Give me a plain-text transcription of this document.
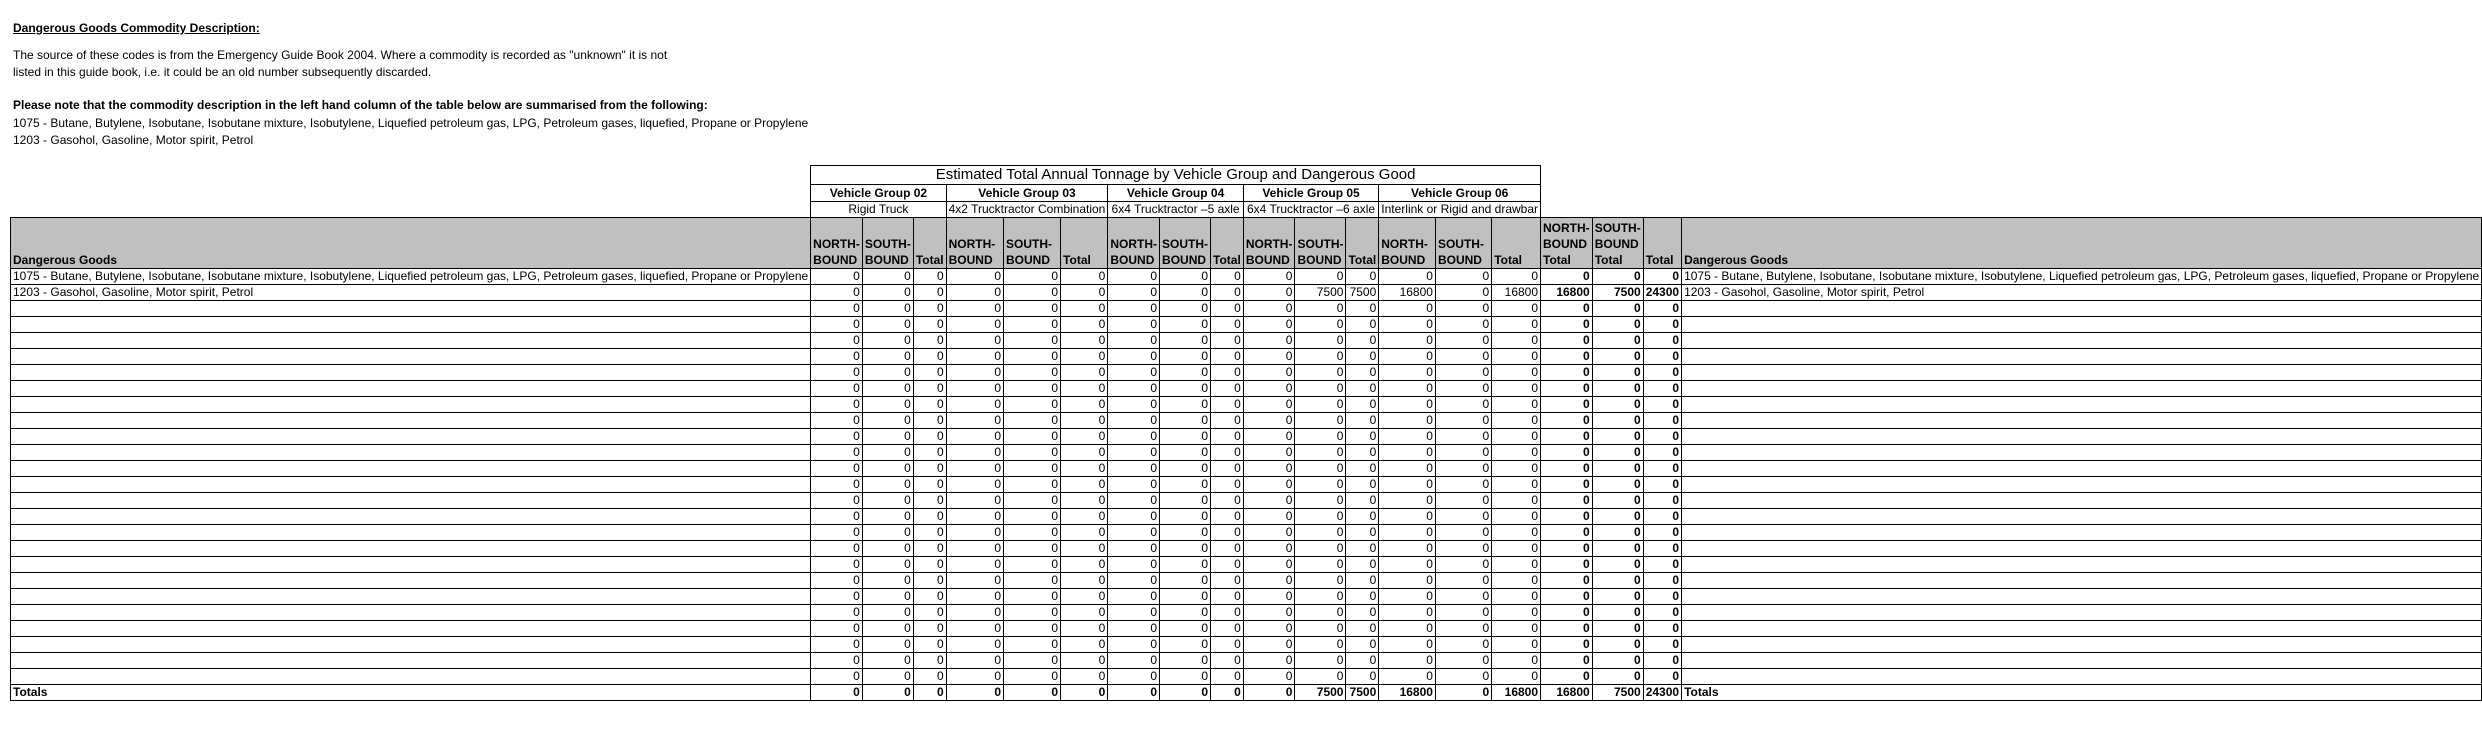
Dangerous Goods Commodity Description:
The source of these codes is from the Emergency Guide Book 2004. Where a commodity is recorded as "unknown" it is not
listed in this guide book, i.e. it could be an old number subsequently discarded.
Please note that the commodity description in the left hand column of the table below are summarised from the following:
1075 - Butane, Butylene, Isobutane, Isobutane mixture, Isobutylene, Liquefied petroleum gas, LPG, Petroleum gases, liquefied, Propane or Propylene
1203 - Gasohol, Gasoline, Motor spirit, Petrol
	Estimated Total Annual Tonnage by Vehicle Group and Dangerous Good																		
	Vehicle Group 02			Vehicle Group 03			Vehicle Group 04			Vehicle Group 05			Vehicle Group 06						
	Rigid Truck			4x2 Trucktractor Combination			6x4 Trucktractor –5 axle			6x4 Trucktractor –6 axle			Interlink or Rigid and drawbar						
Dangerous Goods	NORTH-BOUND	SOUTH-BOUND	Total	NORTH-BOUND	SOUTH-BOUND	Total	NORTH-BOUND	SOUTH-BOUND	Total	NORTH-BOUND	SOUTH-BOUND	Total	NORTH-BOUND	SOUTH-BOUND	Total	NORTH-BOUND Total	SOUTH-BOUND Total	Total	Dangerous Goods
1075 - Butane, Butylene, Isobutane, Isobutane mixture, Isobutylene, Liquefied petroleum gas, LPG, Petroleum gases, liquefied, Propane or Propylene	0	0	0	0	0	0	0	0	0	0	0	0	0	0	0	0	0	0	1075 - Butane, Butylene, Isobutane, Isobutane mixture, Isobutylene, Liquefied petroleum gas, LPG, Petroleum gases, liquefied, Propane or Propylene
1203 - Gasohol, Gasoline, Motor spirit, Petrol	0	0	0	0	0	0	0	0	0	0	7500	7500	16800	0	16800	16800	7500	24300	1203 - Gasohol, Gasoline, Motor spirit, Petrol
	0	0	0	0	0	0	0	0	0	0	0	0	0	0	0	0	0	0	
	0	0	0	0	0	0	0	0	0	0	0	0	0	0	0	0	0	0	
	0	0	0	0	0	0	0	0	0	0	0	0	0	0	0	0	0	0	
	0	0	0	0	0	0	0	0	0	0	0	0	0	0	0	0	0	0	
	0	0	0	0	0	0	0	0	0	0	0	0	0	0	0	0	0	0	
	0	0	0	0	0	0	0	0	0	0	0	0	0	0	0	0	0	0	
	0	0	0	0	0	0	0	0	0	0	0	0	0	0	0	0	0	0	
	0	0	0	0	0	0	0	0	0	0	0	0	0	0	0	0	0	0	
	0	0	0	0	0	0	0	0	0	0	0	0	0	0	0	0	0	0	
	0	0	0	0	0	0	0	0	0	0	0	0	0	0	0	0	0	0	
	0	0	0	0	0	0	0	0	0	0	0	0	0	0	0	0	0	0	
	0	0	0	0	0	0	0	0	0	0	0	0	0	0	0	0	0	0	
	0	0	0	0	0	0	0	0	0	0	0	0	0	0	0	0	0	0	
	0	0	0	0	0	0	0	0	0	0	0	0	0	0	0	0	0	0	
	0	0	0	0	0	0	0	0	0	0	0	0	0	0	0	0	0	0	
	0	0	0	0	0	0	0	0	0	0	0	0	0	0	0	0	0	0	
	0	0	0	0	0	0	0	0	0	0	0	0	0	0	0	0	0	0	
	0	0	0	0	0	0	0	0	0	0	0	0	0	0	0	0	0	0	
	0	0	0	0	0	0	0	0	0	0	0	0	0	0	0	0	0	0	
	0	0	0	0	0	0	0	0	0	0	0	0	0	0	0	0	0	0	
	0	0	0	0	0	0	0	0	0	0	0	0	0	0	0	0	0	0	
	0	0	0	0	0	0	0	0	0	0	0	0	0	0	0	0	0	0	
	0	0	0	0	0	0	0	0	0	0	0	0	0	0	0	0	0	0	
	0	0	0	0	0	0	0	0	0	0	0	0	0	0	0	0	0	0	
Totals	0	0	0	0	0	0	0	0	0	0	7500	7500	16800	0	16800	16800	7500	24300	Totals
